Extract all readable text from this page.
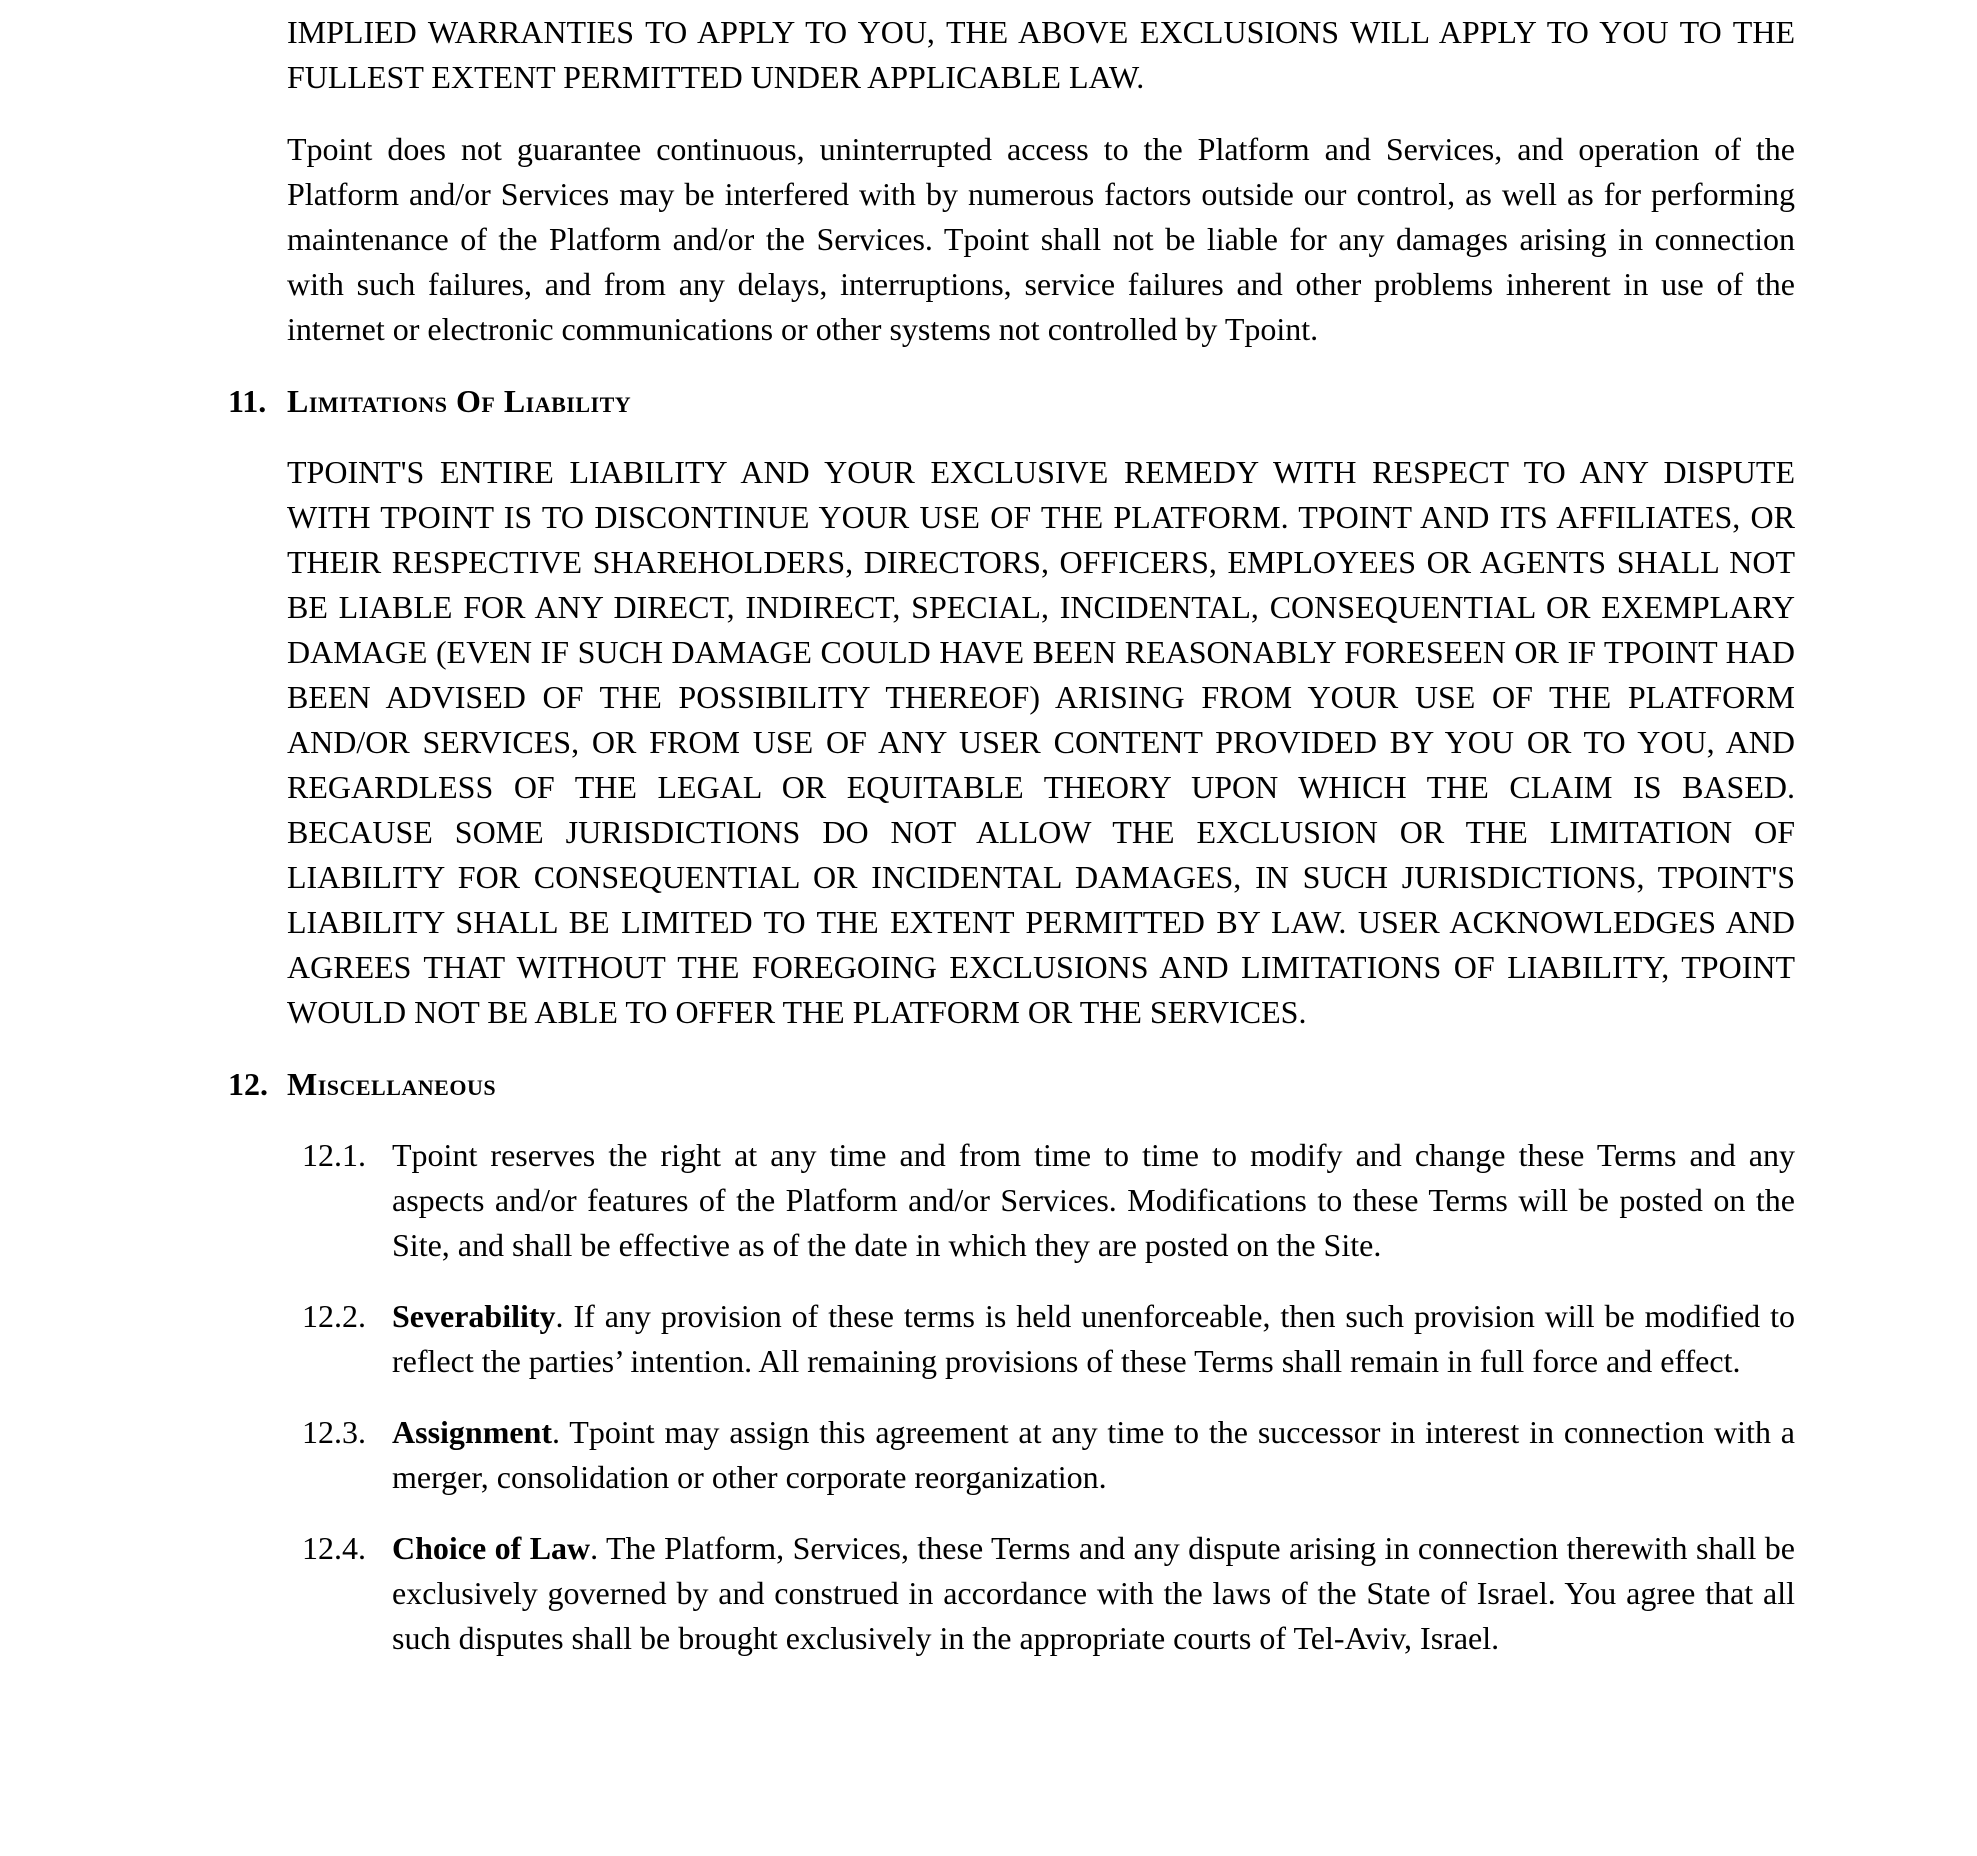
IMPLIED WARRANTIES TO APPLY TO YOU, THE ABOVE EXCLUSIONS WILL APPLY TO YOU TO THE FULLEST EXTENT PERMITTED UNDER APPLICABLE LAW.

Tpoint does not guarantee continuous, uninterrupted access to the Platform and Services, and operation of the Platform and/or Services may be interfered with by numerous factors outside our control, as well as for performing maintenance of the Platform and/or the Services. Tpoint shall not be liable for any damages arising in connection with such failures, and from any delays, interruptions, service failures and other problems inherent in use of the internet or electronic communications or other systems not controlled by Tpoint.

11. Limitations Of Liability

TPOINT'S ENTIRE LIABILITY AND YOUR EXCLUSIVE REMEDY WITH RESPECT TO ANY DISPUTE WITH TPOINT IS TO DISCONTINUE YOUR USE OF THE PLATFORM. TPOINT AND ITS AFFILIATES, OR THEIR RESPECTIVE SHAREHOLDERS, DIRECTORS, OFFICERS, EMPLOYEES OR AGENTS SHALL NOT BE LIABLE FOR ANY DIRECT, INDIRECT, SPECIAL, INCIDENTAL, CONSEQUENTIAL OR EXEMPLARY DAMAGE (EVEN IF SUCH DAMAGE COULD HAVE BEEN REASONABLY FORESEEN OR IF TPOINT HAD BEEN ADVISED OF THE POSSIBILITY THEREOF) ARISING FROM YOUR USE OF THE PLATFORM AND/OR SERVICES, OR FROM USE OF ANY USER CONTENT PROVIDED BY YOU OR TO YOU, AND REGARDLESS OF THE LEGAL OR EQUITABLE THEORY UPON WHICH THE CLAIM IS BASED. BECAUSE SOME JURISDICTIONS DO NOT ALLOW THE EXCLUSION OR THE LIMITATION OF LIABILITY FOR CONSEQUENTIAL OR INCIDENTAL DAMAGES, IN SUCH JURISDICTIONS, TPOINT'S LIABILITY SHALL BE LIMITED TO THE EXTENT PERMITTED BY LAW. USER ACKNOWLEDGES AND AGREES THAT WITHOUT THE FOREGOING EXCLUSIONS AND LIMITATIONS OF LIABILITY, TPOINT WOULD NOT BE ABLE TO OFFER THE PLATFORM OR THE SERVICES.

12. Miscellaneous
12.1. Tpoint reserves the right at any time and from time to time to modify and change these Terms and any aspects and/or features of the Platform and/or Services. Modifications to these Terms will be posted on the Site, and shall be effective as of the date in which they are posted on the Site.
12.2. Severability. If any provision of these terms is held unenforceable, then such provision will be modified to reflect the parties’ intention. All remaining provisions of these Terms shall remain in full force and effect.
12.3. Assignment. Tpoint may assign this agreement at any time to the successor in interest in connection with a merger, consolidation or other corporate reorganization.
12.4. Choice of Law. The Platform, Services, these Terms and any dispute arising in connection therewith shall be exclusively governed by and construed in accordance with the laws of the State of Israel. You agree that all such disputes shall be brought exclusively in the appropriate courts of Tel-Aviv, Israel.
